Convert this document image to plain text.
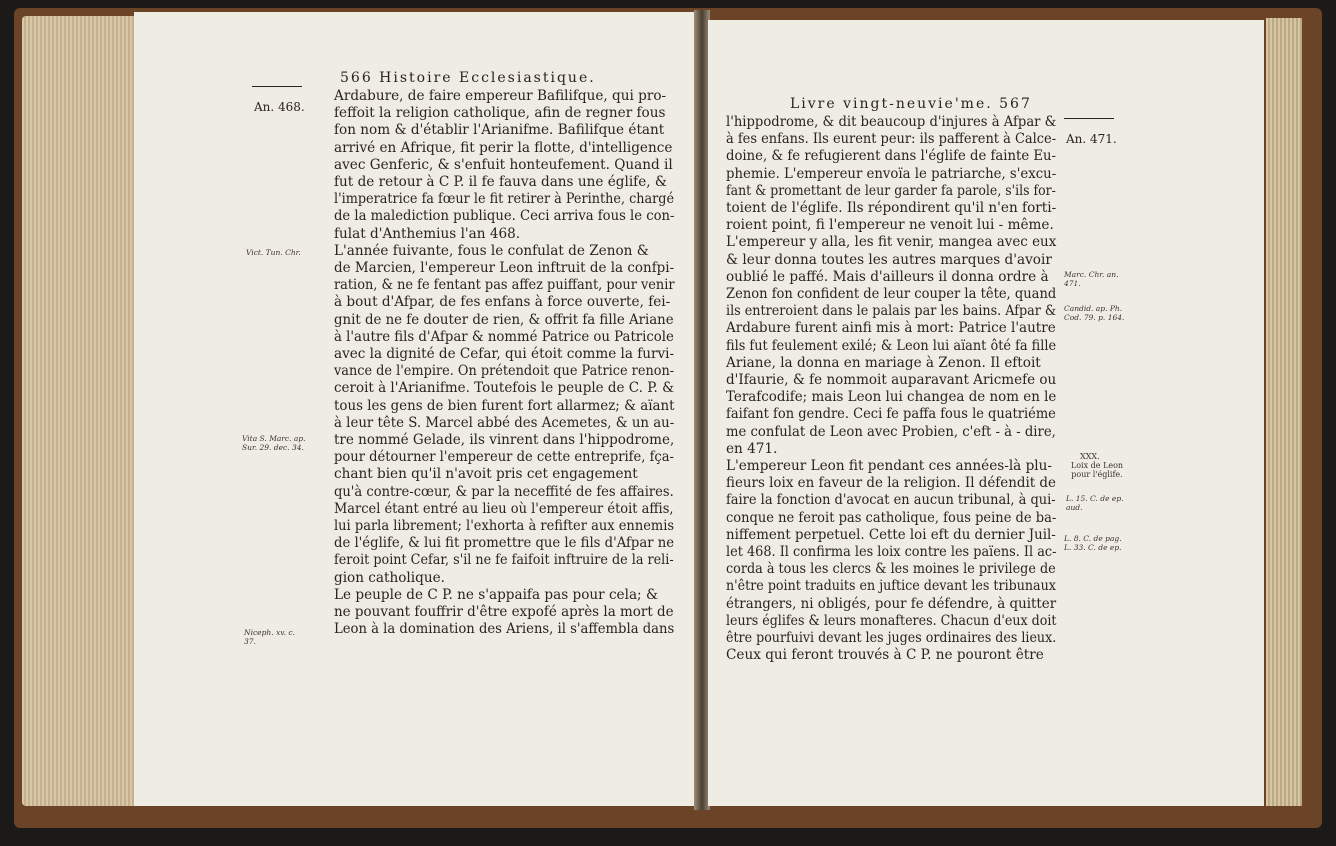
566 Histoire Ecclesiastique.
An. 468.
Vict. Tun. Chr.
Vita S. Marc. ap.
Sur. 29. dec. 34.
Niceph. xv. c.
37.
Ardabure, de faire empereur Bafilifque, qui pro-
feffoit la religion catholique, afin de regner fous
fon nom & d'établir l'Arianifme. Bafilifque étant
arrivé en Afrique, fit perir la flotte, d'intelligence
avec Genferic, & s'enfuit honteufement. Quand il
fut de retour à C P. il fe fauva dans une églife, &
l'imperatrice fa fœur le fit retirer à Perinthe, chargé
de la malediction publique. Ceci arriva fous le con-
fulat d'Anthemius l'an 468.
L'année fuivante, fous le confulat de Zenon &
de Marcien, l'empereur Leon inftruit de la confpi-
ration, & ne fe fentant pas affez puiffant, pour venir
à bout d'Afpar, de fes enfans à force ouverte, fei-
gnit de ne fe douter de rien, & offrit fa fille Ariane
à l'autre fils d'Afpar & nommé Patrice ou Patricole
avec la dignité de Cefar, qui étoit comme la furvi-
vance de l'empire. On prétendoit que Patrice renon-
ceroit à l'Arianifme. Toutefois le peuple de C. P. &
tous les gens de bien furent fort allarmez; & aïant
à leur tête S. Marcel abbé des Acemetes, & un au-
tre nommé Gelade, ils vinrent dans l'hippodrome,
pour détourner l'empereur de cette entreprife, fça-
chant bien qu'il n'avoit pris cet engagement
qu'à contre-cœur, & par la neceffité de fes affaires.
Marcel étant entré au lieu où l'empereur étoit affis,
lui parla librement; l'exhorta à refifter aux ennemis
de l'églife, & lui fit promettre que le fils d'Afpar ne
feroit point Cefar, s'il ne fe faifoit inftruire de la reli-
gion catholique.
Le peuple de C P. ne s'appaifa pas pour cela; &
ne pouvant fouffrir d'être expofé après la mort de
Leon à la domination des Ariens, il s'affembla dans
Livre vingt-neuvie'me. 567
An. 471.
Marc. Chr. an.
471.
Candid. ap. Ph.
Cod. 79. p. 164.
XXX.
Loix de Leon
pour l'églife.
L. 15. C. de ep.
aud.
L. 8. C. de pag.
L. 33. C. de ep.
l'hippodrome, & dit beaucoup d'injures à Afpar &
à fes enfans. Ils eurent peur: ils pafferent à Calce-
doine, & fe refugierent dans l'églife de fainte Eu-
phemie. L'empereur envoïa le patriarche, s'excu-
fant & promettant de leur garder fa parole, s'ils for-
toient de l'églife. Ils répondirent qu'il n'en forti-
roient point, fi l'empereur ne venoit lui - même.
L'empereur y alla, les fit venir, mangea avec eux
& leur donna toutes les autres marques d'avoir
oublié le paffé. Mais d'ailleurs il donna ordre à
Zenon fon confident de leur couper la tête, quand
ils entreroient dans le palais par les bains. Afpar &
Ardabure furent ainfi mis à mort: Patrice l'autre
fils fut feulement exilé; & Leon lui aïant ôté fa fille
Ariane, la donna en mariage à Zenon. Il eftoit
d'Ifaurie, & fe nommoit auparavant Aricmefe ou
Terafcodife; mais Leon lui changea de nom en le
faifant fon gendre. Ceci fe paffa fous le quatriéme
me confulat de Leon avec Probien, c'eft - à - dire,
en 471.
L'empereur Leon fit pendant ces années-là plu-
fieurs loix en faveur de la religion. Il défendit de
faire la fonction d'avocat en aucun tribunal, à qui-
conque ne feroit pas catholique, fous peine de ba-
niffement perpetuel. Cette loi eft du dernier Juil-
let 468. Il confirma les loix contre les païens. Il ac-
corda à tous les clercs & les moines le privilege de
n'être point traduits en juftice devant les tribunaux
étrangers, ni obligés, pour fe défendre, à quitter
leurs églifes & leurs monafteres. Chacun d'eux doit
être pourfuivi devant les juges ordinaires des lieux.
Ceux qui feront trouvés à C P. ne pouront être
